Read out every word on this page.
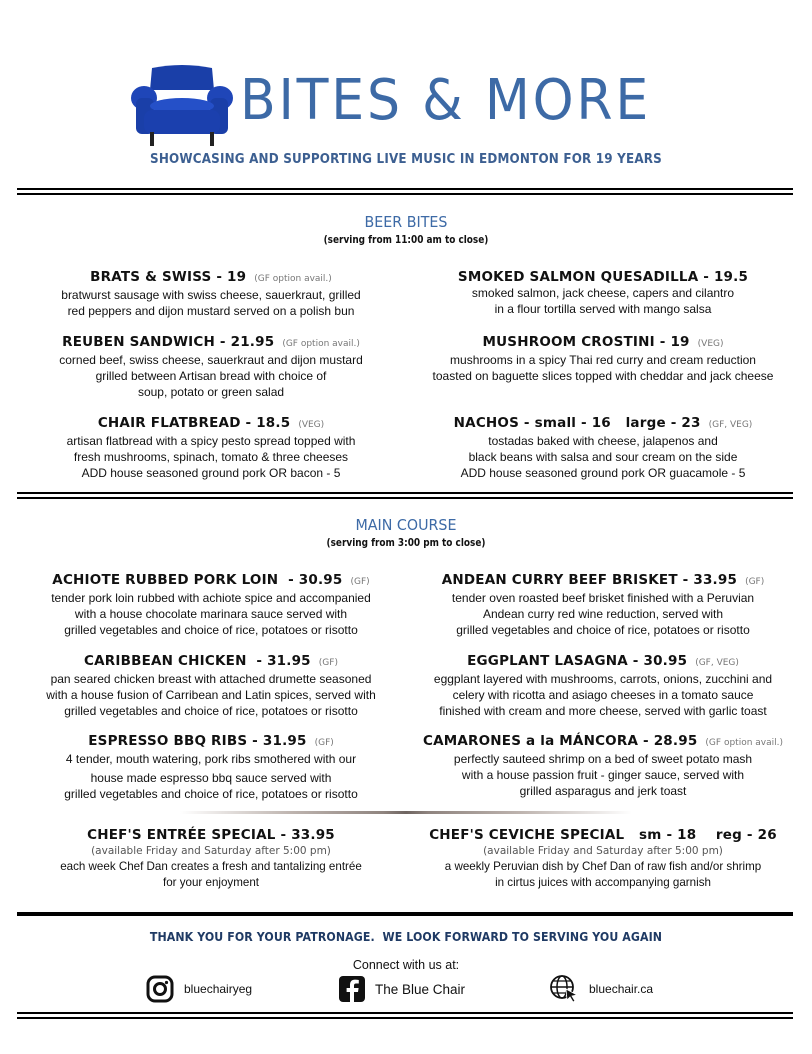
BITES & MORE
SHOWCASING AND SUPPORTING LIVE MUSIC IN EDMONTON FOR 19 YEARS
BEER BITES
(serving from 11:00 am to close)
BRATS & SWISS - 19 (GF option avail.)
bratwurst sausage with swiss cheese, sauerkraut, grilled
red peppers and dijon mustard served on a polish bun
SMOKED SALMON QUESADILLA - 19.5
smoked salmon, jack cheese, capers and cilantro
in a flour tortilla served with mango salsa
REUBEN SANDWICH - 21.95 (GF option avail.)
corned beef, swiss cheese, sauerkraut and dijon mustard
grilled between Artisan bread with choice of
soup, potato or green salad
MUSHROOM CROSTINI - 19 (VEG)
mushrooms in a spicy Thai red curry and cream reduction
toasted on baguette slices topped with cheddar and jack cheese
CHAIR FLATBREAD - 18.5 (VEG)
artisan flatbread with a spicy pesto spread topped with
fresh mushrooms, spinach, tomato & three cheeses
ADD house seasoned ground pork OR bacon - 5
NACHOS - small - 16   large - 23 (GF, VEG)
tostadas baked with cheese, jalapenos and
black beans with salsa and sour cream on the side
ADD house seasoned ground pork OR guacamole - 5
MAIN COURSE
(serving from 3:00 pm to close)
ACHIOTE RUBBED PORK LOIN  - 30.95 (GF)
tender pork loin rubbed with achiote spice and accompanied
with a house chocolate marinara sauce served with
grilled vegetables and choice of rice, potatoes or risotto
ANDEAN CURRY BEEF BRISKET - 33.95 (GF)
tender oven roasted beef brisket finished with a Peruvian
Andean curry red wine reduction, served with
grilled vegetables and choice of rice, potatoes or risotto
CARIBBEAN CHICKEN  - 31.95 (GF)
pan seared chicken breast with attached drumette seasoned
with a house fusion of Carribean and Latin spices, served with
grilled vegetables and choice of rice, potatoes or risotto
EGGPLANT LASAGNA - 30.95 (GF, VEG)
eggplant layered with mushrooms, carrots, onions, zucchini and
celery with ricotta and asiago cheeses in a tomato sauce
finished with cream and more cheese, served with garlic toast
ESPRESSO BBQ RIBS - 31.95 (GF)
4 tender, mouth watering, pork ribs smothered with our
house made espresso bbq sauce served with
grilled vegetables and choice of rice, potatoes or risotto
CAMARONES a la MÁNCORA - 28.95 (GF option avail.)
perfectly sauteed shrimp on a bed of sweet potato mash
with a house passion fruit - ginger sauce, served with
grilled asparagus and jerk toast
CHEF'S ENTRÉE SPECIAL - 33.95
(available Friday and Saturday after 5:00 pm)
each week Chef Dan creates a fresh and tantalizing entrée
for your enjoyment
CHEF'S CEVICHE SPECIAL   sm - 18    reg - 26
(available Friday and Saturday after 5:00 pm)
a weekly Peruvian dish by Chef Dan of raw fish and/or shrimp
in cirtus juices with accompanying garnish
THANK YOU FOR YOUR PATRONAGE.  WE LOOK FORWARD TO SERVING YOU AGAIN
Connect with us at:
bluechairyeg	The Blue Chair	bluechair.ca
